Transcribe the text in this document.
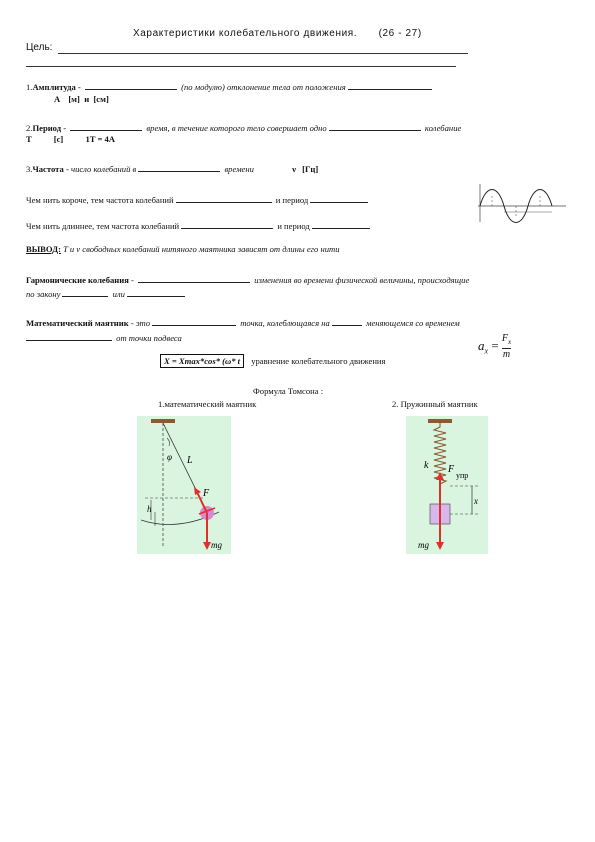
Характеристики колебательного движения. (26 - 27)
Цель:
1.Амплитуда -	(по модулю) отклонение тела от положения
A    [м]  и  [см]
2.Период -	время, в течение которого тело совершает одно	колебание
T	[с]	1T = 4A
3.Частота - число колебаний в	времени	ν [Гц]
Чем нить короче, тем частота колебаний	и период
Чем нить длиннее, тем частота колебаний	и период
ВЫВОД: T и ν свободных колебаний нитяного маятника зависят от длины его нити
Гармонические колебания -	изменения во времени физической величины, происходящие
по закону	или
Математический маятник - это	точка, колеблющаяся на	меняющемся со временем
от точки подвеса	$a_x = \frac{F_x}{m}$
X = Xmax*cos* (ω* t уравнение колебательного движения
Формула Томсона :
1.математический маятник	2. Пружинный маятник
φ L
F
h
mg
k F
упр
x
mg
